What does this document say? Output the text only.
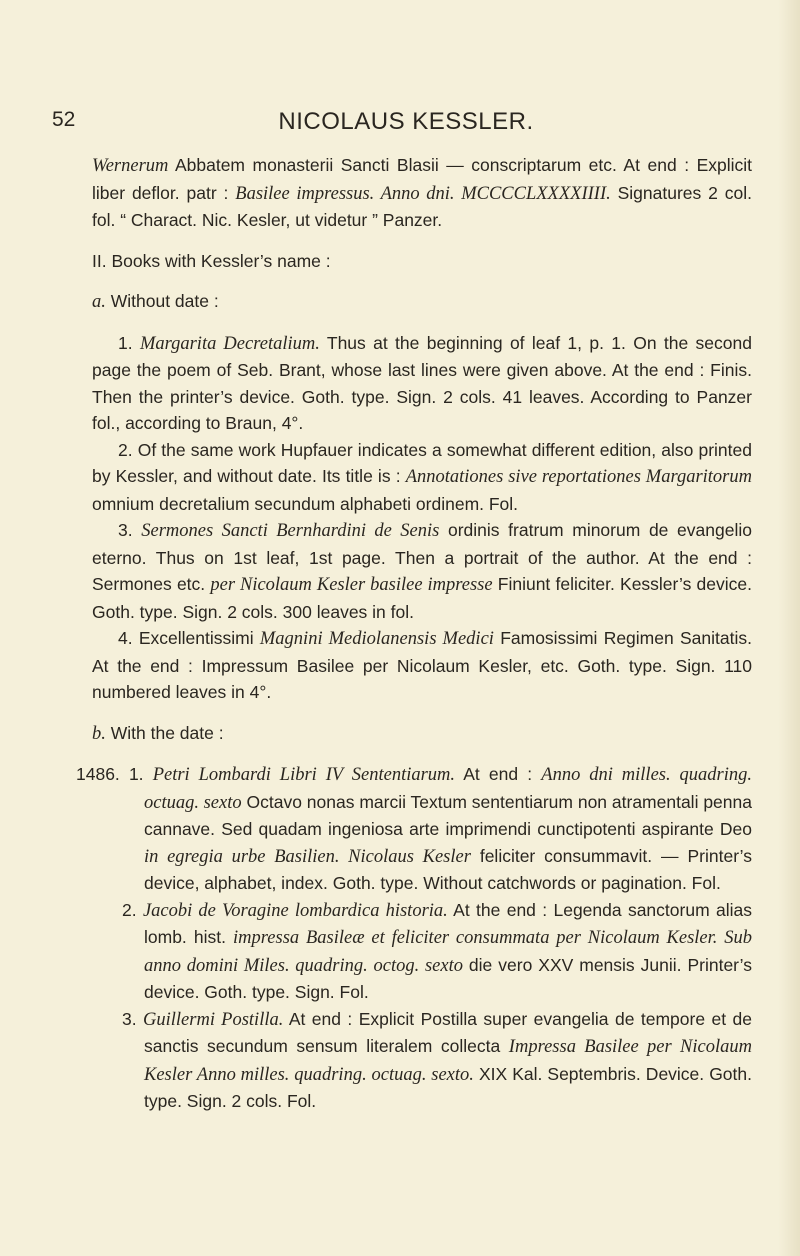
52	NICOLAUS KESSLER.

Wernerum Abbatem monasterii Sancti Blasii — conscriptarum etc. At end : Explicit liber deflor. patr : Basilee impressus. Anno dni. MCCCCLXXXXIIII. Signatures 2 col. fol. “ Charact. Nic. Kesler, ut videtur ” Panzer.

II. Books with Kessler’s name :

a. Without date :

1. Margarita Decretalium. Thus at the beginning of leaf 1, p. 1. On the second page the poem of Seb. Brant, whose last lines were given above. At the end : Finis. Then the printer’s device. Goth. type. Sign. 2 cols. 41 leaves. According to Panzer fol., according to Braun, 4°.

2. Of the same work Hupfauer indicates a somewhat different edition, also printed by Kessler, and without date. Its title is : Annotationes sive reportationes Margaritorum omnium decretalium secundum alphabeti ordinem. Fol.

3. Sermones Sancti Bernhardini de Senis ordinis fratrum minorum de evangelio eterno. Thus on 1st leaf, 1st page. Then a portrait of the author. At the end : Sermones etc. per Nicolaum Kesler basilee impresse Finiunt feliciter. Kessler’s device. Goth. type. Sign. 2 cols. 300 leaves in fol.

4. Excellentissimi Magnini Mediolanensis Medici Famosissimi Regimen Sanitatis. At the end : Impressum Basilee per Nicolaum Kesler, etc. Goth. type. Sign. 110 numbered leaves in 4°.

b. With the date :

1486. 1. Petri Lombardi Libri IV Sententiarum. At end : Anno dni milles. quadring. octuag. sexto Octavo nonas marcii Textum sententiarum non atramentali penna cannave. Sed quadam ingeniosa arte imprimendi cunctipotenti aspirante Deo in egregia urbe Basilien. Nicolaus Kesler feliciter consummavit. — Printer’s device, alphabet, index. Goth. type. Without catchwords or pagination. Fol.

2. Jacobi de Voragine lombardica historia. At the end : Legenda sanctorum alias lomb. hist. impressa Basileæ et feliciter consummata per Nicolaum Kesler. Sub anno domini Miles. quadring. octog. sexto die vero XXV mensis Junii. Printer’s device. Goth. type. Sign. Fol.

3. Guillermi Postilla. At end : Explicit Postilla super evangelia de tempore et de sanctis secundum sensum literalem collecta Impressa Basilee per Nicolaum Kesler Anno milles. quadring. octuag. sexto. XIX Kal. Septembris. Device. Goth. type. Sign. 2 cols. Fol.
